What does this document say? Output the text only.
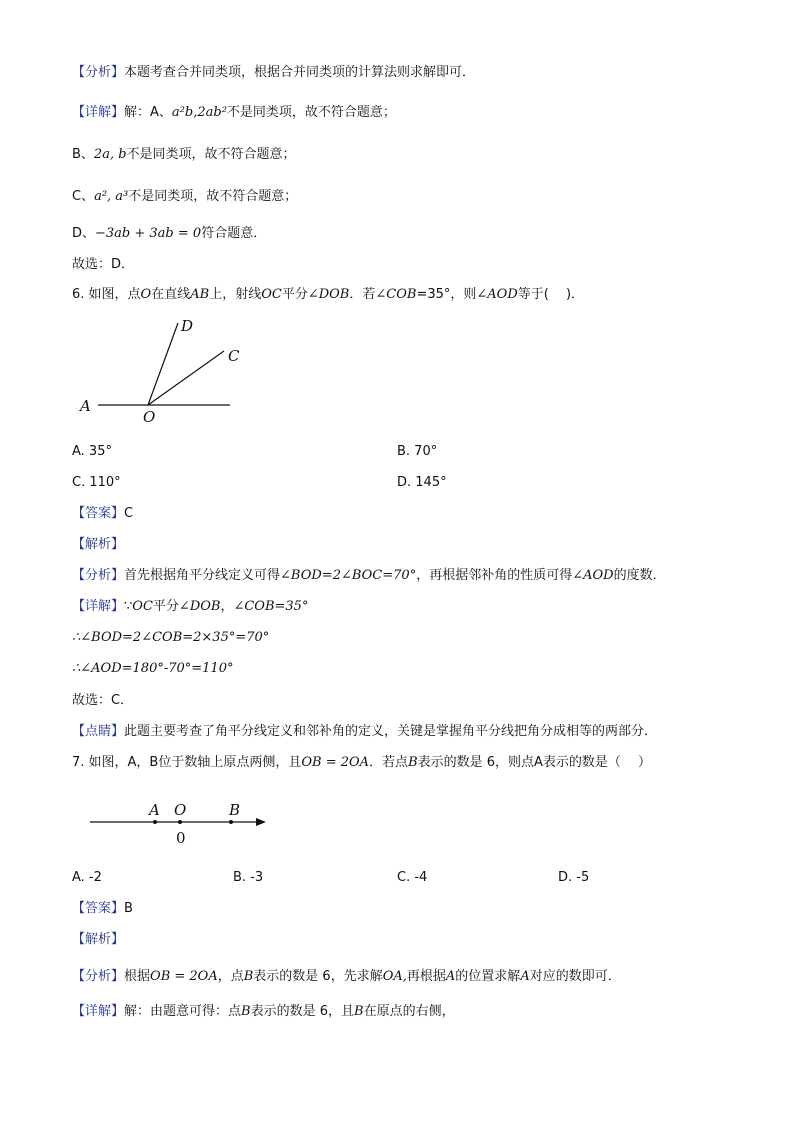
【分析】本题考查合并同类项，根据合并同类项的计算法则求解即可．
【详解】解：A、a²b,2ab²不是同类项，故不符合题意；
B、2a, b不是同类项，故不符合题意；
C、a², a³不是同类项，故不符合题意；
D、−3ab + 3ab = 0符合题意．
故选：D．
6. 如图，点O在直线AB上，射线OC平分∠DOB．若∠COB=35°，则∠AOD等于(　 )．
A
O
C
D
A. 35°	B. 70°
C. 110°	D. 145°
【答案】C
【解析】
【分析】首先根据角平分线定义可得∠BOD=2∠BOC=70°，再根据邻补角的性质可得∠AOD的度数．
【详解】∵OC平分∠DOB，∠COB=35°
∴∠BOD=2∠COB=2×35°=70°
∴∠AOD=180°-70°=110°
故选：C．
【点睛】此题主要考查了角平分线定义和邻补角的定义，关键是掌握角平分线把角分成相等的两部分．
7. 如图，A，B位于数轴上原点两侧，且OB = 2OA．若点B表示的数是 6，则点A表示的数是（　 ）
A O	B
0
A. -2	B. -3	C. -4	D. -5
【答案】B
【解析】
【分析】根据OB = 2OA，点B表示的数是 6，先求解OA,再根据A的位置求解A对应的数即可．
【详解】解：由题意可得：点B表示的数是 6，且B在原点的右侧，
